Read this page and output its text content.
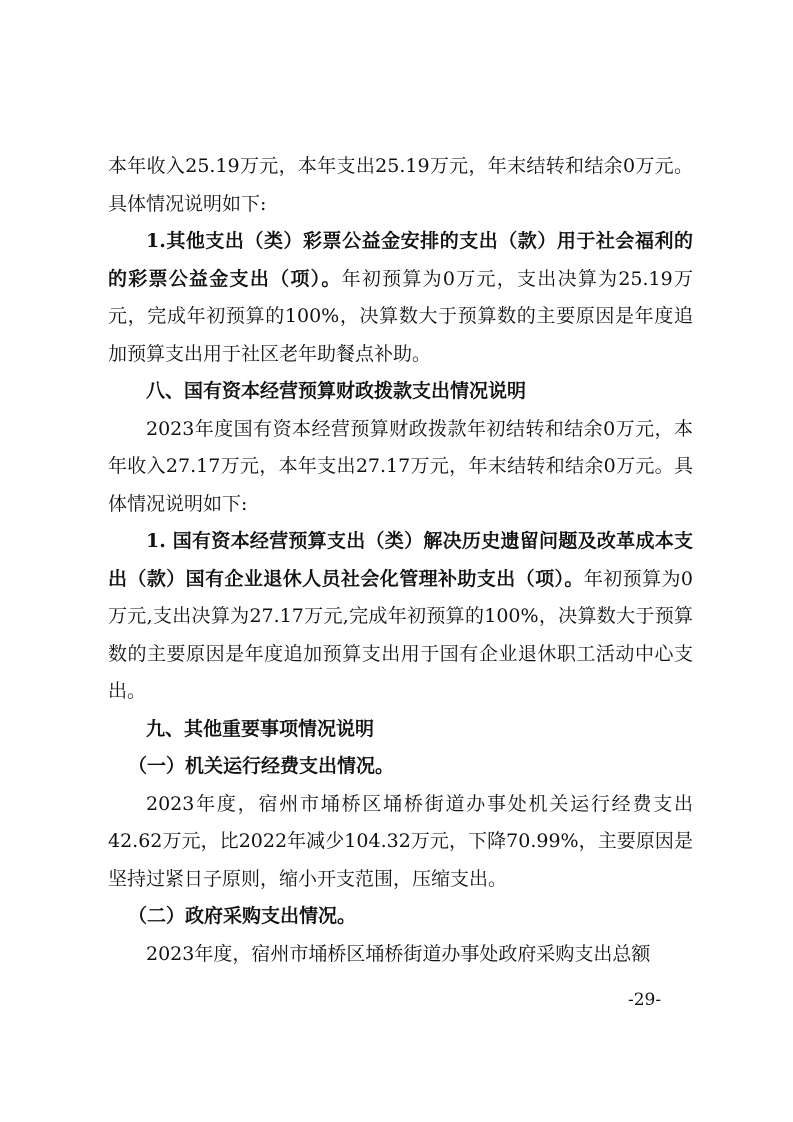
本年收入25.19万元，本年支出25.19万元，年末结转和结余0万元。具体情况说明如下:

1.其他支出（类）彩票公益金安排的支出（款）用于社会福利的的彩票公益金支出（项）。年初预算为0万元，支出决算为25.19万元，完成年初预算的100%，决算数大于预算数的主要原因是年度追加预算支出用于社区老年助餐点补助。

八、国有资本经营预算财政拨款支出情况说明

2023年度国有资本经营预算财政拨款年初结转和结余0万元，本年收入27.17万元，本年支出27.17万元，年末结转和结余0万元。具体情况说明如下:

1. 国有资本经营预算支出（类）解决历史遗留问题及改革成本支出（款）国有企业退休人员社会化管理补助支出（项）。年初预算为0万元,支出决算为27.17万元,完成年初预算的100%，决算数大于预算数的主要原因是年度追加预算支出用于国有企业退休职工活动中心支出。

九、其他重要事项情况说明

（一）机关运行经费支出情况。

2023年度，宿州市埇桥区埇桥街道办事处机关运行经费支出42.62万元，比2022年减少104.32万元，下降70.99%，主要原因是坚持过紧日子原则，缩小开支范围，压缩支出。

（二）政府采购支出情况。

2023年度，宿州市埇桥区埇桥街道办事处政府采购支出总额

-29-
